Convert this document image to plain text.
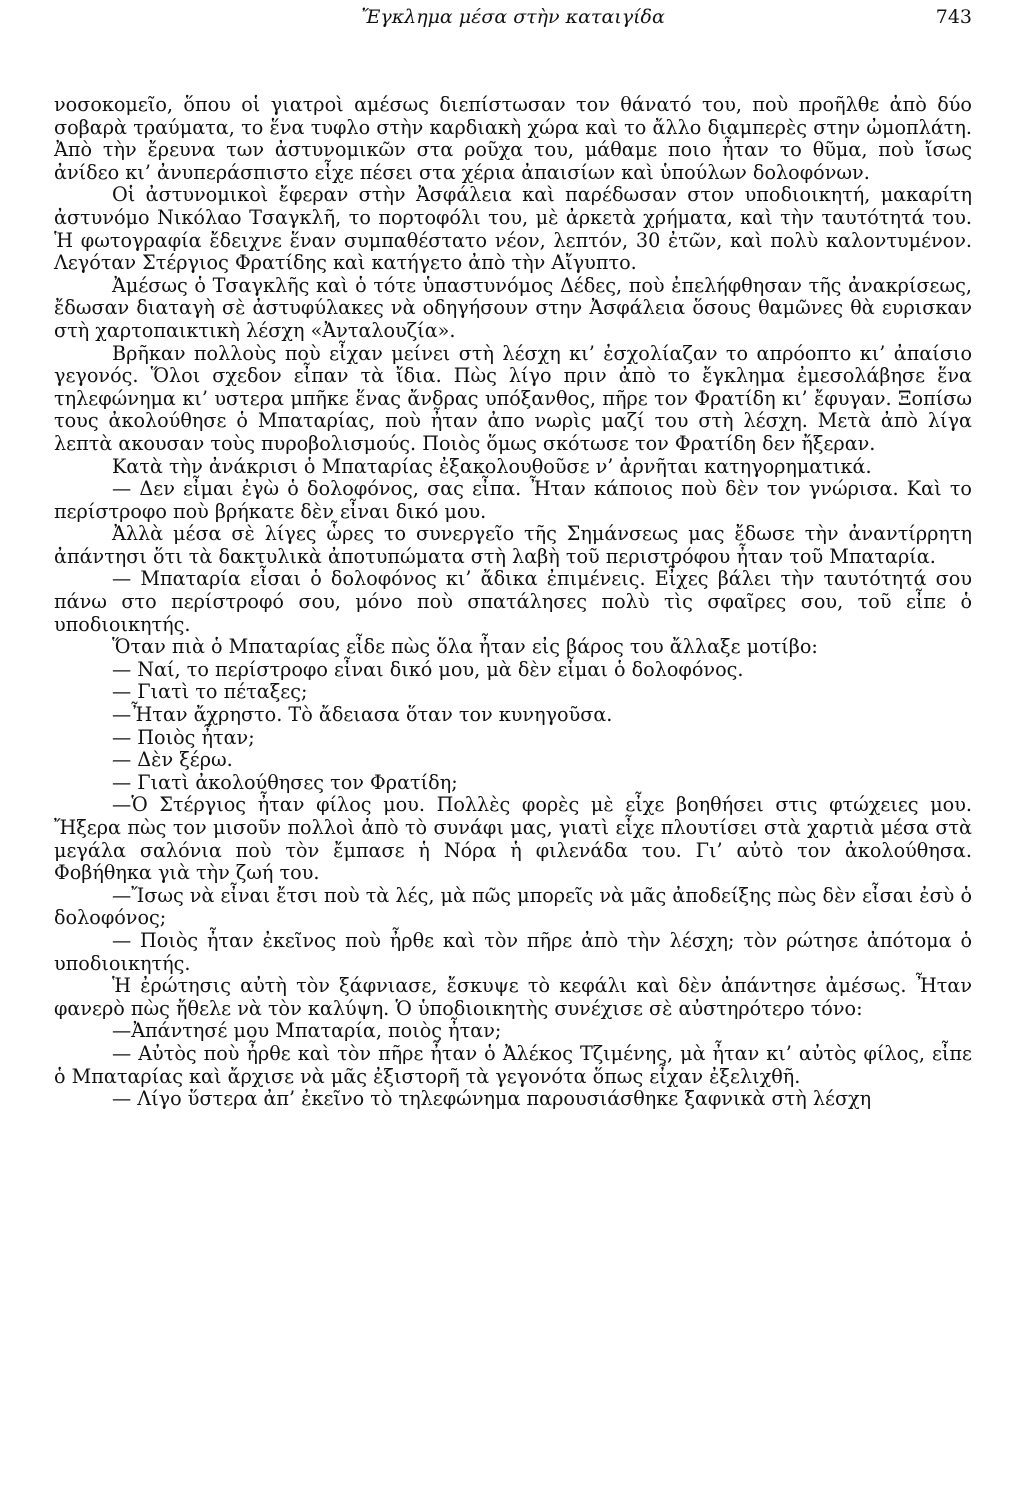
Ἔγκλημα μέσα στὴν καταιγίδα	743

νοσοκομεῖο, ὅπου οἱ γιατροὶ αμέσως διεπίστωσαν τον θάνατό του, ποὺ προῆλθε ἀπὸ δύο σοβαρὰ τραύματα, το ἕνα τυφλο στὴν καρδιακὴ χώρα καὶ το ἄλλο διαμπερὲς στην ὠμοπλάτη. Ἀπὸ τὴν ἔρευνα των ἀστυνομικῶν στα ροῦχα του, μάθαμε ποιο ἦταν το θῦμα, ποὺ ἴσως ἀνίδεο κι’ ἀνυπεράσπιστο εἶχε πέσει στα χέρια ἀπαισίων καὶ ὑπούλων δολοφόνων.

Οἱ ἀστυνομικοὶ ἔφεραν στὴν Ἀσφάλεια καὶ παρέδωσαν στον υποδιοικητή, μακαρίτη ἀστυνόμο Νικόλαο Τσαγκλῆ, το πορτοφόλι του, μὲ ἀρκετὰ χρήματα, καὶ τὴν ταυτότητά του. Ἡ φωτογραφία ἔδειχνε ἕναν συμπαθέστατο νέον, λεπτόν, 30 ἐτῶν, καὶ πολὺ καλοντυμένον. Λεγόταν Στέργιος Φρατίδης καὶ κατήγετο ἀπὸ τὴν Αἴγυπτο.

Ἀμέσως ὁ Τσαγκλῆς καὶ ὁ τότε ὑπαστυνόμος Δέδες, ποὺ ἐπελήφθησαν τῆς ἀνακρίσεως, ἔδωσαν διαταγὴ σὲ ἀστυφύλακες νὰ οδηγήσουν στην Ἀσφάλεια ὅσους θαμῶνες θὰ ευρισκαν στὴ χαρτοπαικτικὴ λέσχη «Ἀνταλουζία».

Βρῆκαν πολλοὺς ποὺ εἶχαν μείνει στὴ λέσχη κι’ ἐσχολίαζαν το απρόοπτο κι’ ἀπαίσιο γεγονός. Ὅλοι σχεδον εἶπαν τὰ ἴδια. Πὼς λίγο πριν ἀπὸ το ἔγκλημα ἐμεσολάβησε ἕνα τηλεφώνημα κι’ υστερα μπῆκε ἕνας ἄνδρας υπόξανθος, πῆρε τον Φρατίδη κι’ ἔφυγαν. Ξοπίσω τους ἀκολούθησε ὁ Μπαταρίας, ποὺ ἦταν ἀπο νωρὶς μαζί του στὴ λέσχη. Μετὰ ἀπὸ λίγα λεπτὰ ακουσαν τοὺς πυροβολισμούς. Ποιὸς ὅμως σκότωσε τον Φρατίδη δεν ἤξεραν.

Κατὰ τὴν ἀνάκρισι ὁ Μπαταρίας ἐξακολουθοῦσε ν’ ἀρνῆται κατηγορηματικά.

— Δεν εἶμαι ἐγὼ ὁ δολοφόνος, σας εἶπα. Ἦταν κάποιος ποὺ δὲν τον γνώρισα. Καὶ το περίστροφο ποὺ βρήκατε δὲν εἶναι δικό μου.

Ἀλλὰ μέσα σὲ λίγες ὧρες το συνεργεῖο τῆς Σημάνσεως μας ἔδωσε τὴν ἀναντίρρητη ἀπάντησι ὅτι τὰ δακτυλικὰ ἀποτυπώματα στὴ λαβὴ τοῦ περιστρόφου ἦταν τοῦ Μπαταρία.

— Μπαταρία εἶσαι ὁ δολοφόνος κι’ ἄδικα ἐπιμένεις. Εἶχες βάλει τὴν ταυτότητά σου πάνω στο περίστροφό σου, μόνο ποὺ σπατάλησες πολὺ τὶς σφαῖρες σου, τοῦ εἶπε ὁ υποδιοικητής.

Ὅταν πιὰ ὁ Μπαταρίας εἶδε πὼς ὅλα ἦταν εἰς βάρος του ἄλλαξε μοτίβο:

— Ναί, το περίστροφο εἶναι δικό μου, μὰ δὲν εἶμαι ὁ δολοφόνος.

— Γιατὶ το πέταξες;

—Ἦταν ἄχρηστο. Τὸ ἄδειασα ὅταν τον κυνηγοῦσα.

— Ποιὸς ἦταν;

— Δὲν ξέρω.

— Γιατὶ ἀκολούθησες τον Φρατίδη;

—Ὁ Στέργιος ἦταν φίλος μου. Πολλὲς φορὲς μὲ εἶχε βοηθήσει στις φτώχειες μου. Ἤξερα πὼς τον μισοῦν πολλοὶ ἀπὸ τὸ συνάφι μας, γιατὶ εἶχε πλουτίσει στὰ χαρτιὰ μέσα στὰ μεγάλα σαλόνια ποὺ τὸν ἔμπασε ἡ Νόρα ἡ φιλενάδα του. Γι’ αὐτὸ τον ἀκολούθησα. Φοβήθηκα γιὰ τὴν ζωή του.

—Ἴσως νὰ εἶναι ἔτσι ποὺ τὰ λές, μὰ πῶς μπορεῖς νὰ μᾶς ἀποδείξης πὼς δὲν εἶσαι ἐσὺ ὁ δολοφόνος;

— Ποιὸς ἦταν ἐκεῖνος ποὺ ἦρθε καὶ τὸν πῆρε ἀπὸ τὴν λέσχη; τὸν ρώτησε ἀπότομα ὁ υποδιοικητής.

Ἡ ἐρώτησις αὐτὴ τὸν ξάφνιασε, ἔσκυψε τὸ κεφάλι καὶ δὲν ἀπάντησε ἀμέσως. Ἦταν φανερὸ πὼς ἤθελε νὰ τὸν καλύψη. Ὁ ὑποδιοικητὴς συνέχισε σὲ αὐστηρότερο τόνο:

—Ἀπάντησέ μου Μπαταρία, ποιὸς ἦταν;

— Αὐτὸς ποὺ ἦρθε καὶ τὸν πῆρε ἦταν ὁ Ἀλέκος Τζιμένης, μὰ ἦταν κι’ αὐτὸς φίλος, εἶπε ὁ Μπαταρίας καὶ ἄρχισε νὰ μᾶς ἐξιστορῆ τὰ γεγονότα ὅπως εἶχαν ἐξελιχθῆ.

— Λίγο ὕστερα ἀπ’ ἐκεῖνο τὸ τηλεφώνημα παρουσιάσθηκε ξαφνικὰ στὴ λέσχη
